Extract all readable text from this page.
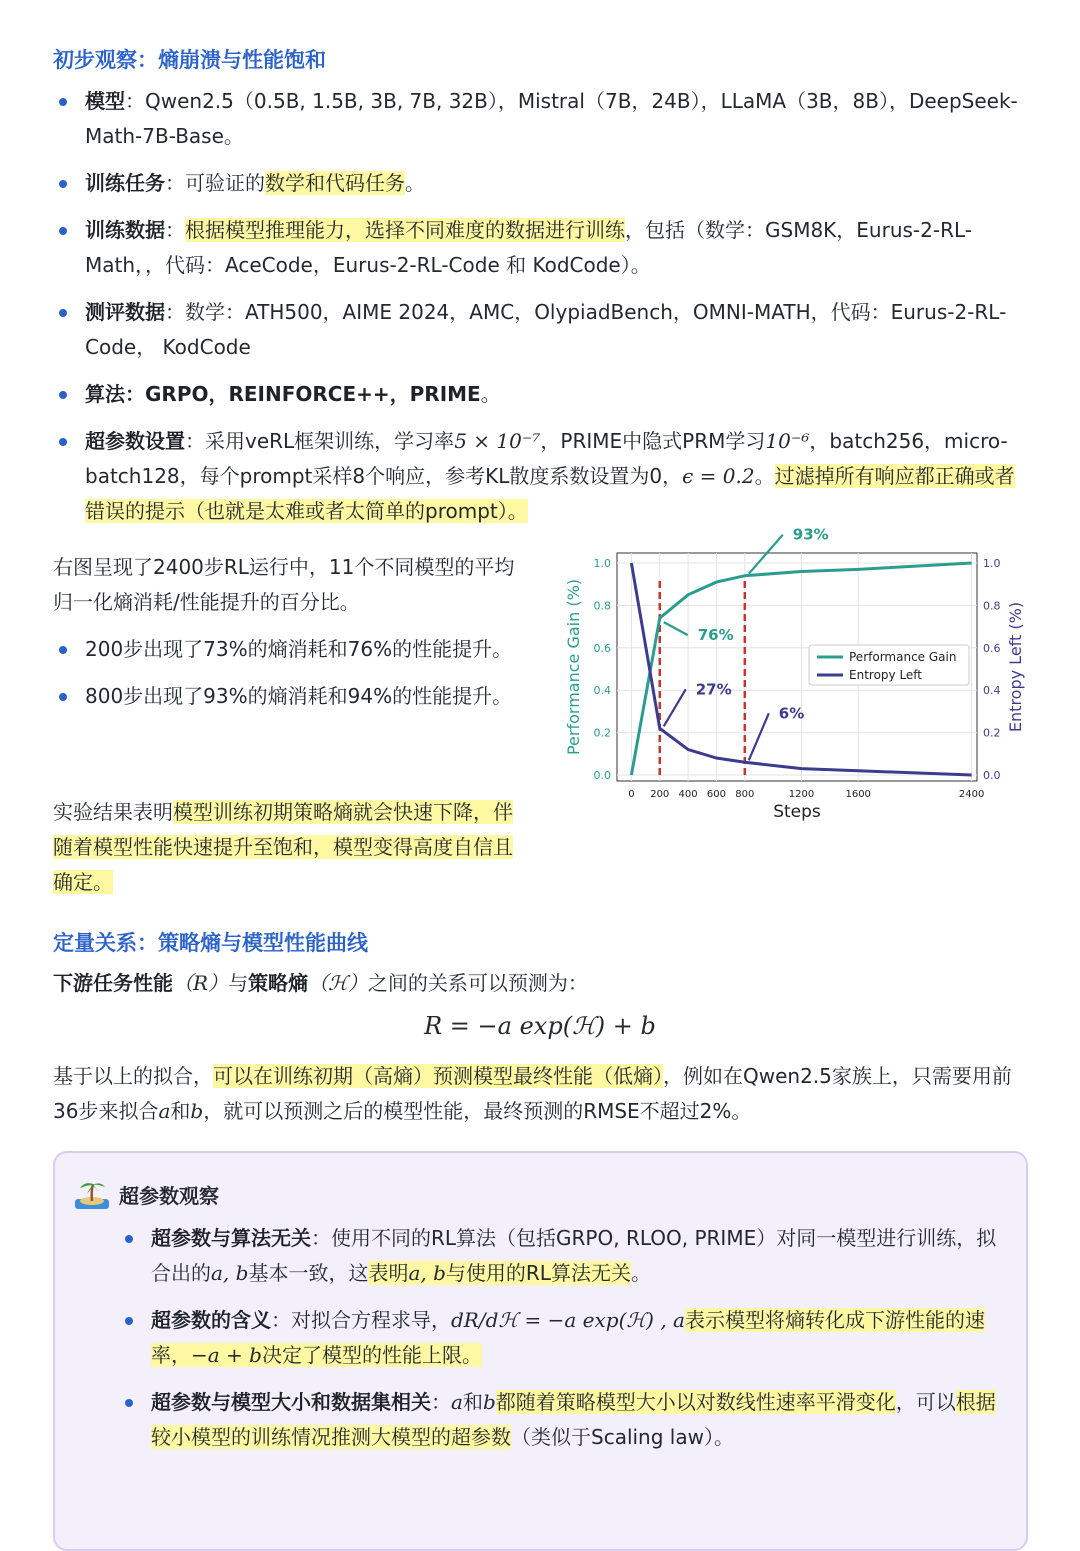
初步观察：熵崩溃与性能饱和
模型：Qwen2.5（0.5B, 1.5B, 3B, 7B, 32B），Mistral（7B，24B），LLaMA（3B，8B），DeepSeek-Math-7B-Base。
训练任务：可验证的数学和代码任务。
训练数据：根据模型推理能力，选择不同难度的数据进行训练，包括（数学：GSM8K，Eurus-2-RL-Math，，代码：AceCode，Eurus-2-RL-Code 和 KodCode）。
测评数据：数学：ATH500，AIME 2024，AMC，OlypiadBench，OMNI-MATH，代码：Eurus-2-RL-Code， KodCode
算法：GRPO，REINFORCE++，PRIME。
超参数设置：采用veRL框架训练，学习率5 × 10⁻⁷，PRIME中隐式PRM学习10⁻⁶，batch256，micro-batch128，每个prompt采样8个响应，参考KL散度系数设置为0，ϵ = 0.2。过滤掉所有响应都正确或者错误的提示（也就是太难或者太简单的prompt）。
右图呈现了2400步RL运行中，11个不同模型的平均归一化熵消耗/性能提升的百分比。
200步出现了73%的熵消耗和76%的性能提升。
800步出现了93%的熵消耗和94%的性能提升。
实验结果表明模型训练初期策略熵就会快速下降，伴随着模型性能快速提升至饱和，模型变得高度自信且确定。
0.0	0.0
0.2	0.2
0.4	0.4
0.6	0.6
0.8	0.8
1.0	1.0
0 200 400 600 800	1200	1600	2400
76%
93%
27%
6%
Performance Gain
Entropy Left
Steps
Performance Gain (%)	Entropy Left (%)
定量关系：策略熵与模型性能曲线
下游任务性能（R）与策略熵（ℋ）之间的关系可以预测为：
R = −a exp(ℋ) + b
基于以上的拟合，可以在训练初期（高熵）预测模型最终性能（低熵），例如在Qwen2.5家族上，只需要用前36步来拟合a和b，就可以预测之后的模型性能，最终预测的RMSE不超过2%。
超参数观察
超参数与算法无关：使用不同的RL算法（包括GRPO, RLOO, PRIME）对同一模型进行训练，拟合出的a, b基本一致，这表明a, b与使用的RL算法无关。
超参数的含义：对拟合方程求导，dR/dℋ = −a exp(ℋ) , a表示模型将熵转化成下游性能的速率，−a + b决定了模型的性能上限。
超参数与模型大小和数据集相关：a和b都随着策略模型大小以对数线性速率平滑变化，可以根据较小模型的训练情况推测大模型的超参数（类似于Scaling law）。
